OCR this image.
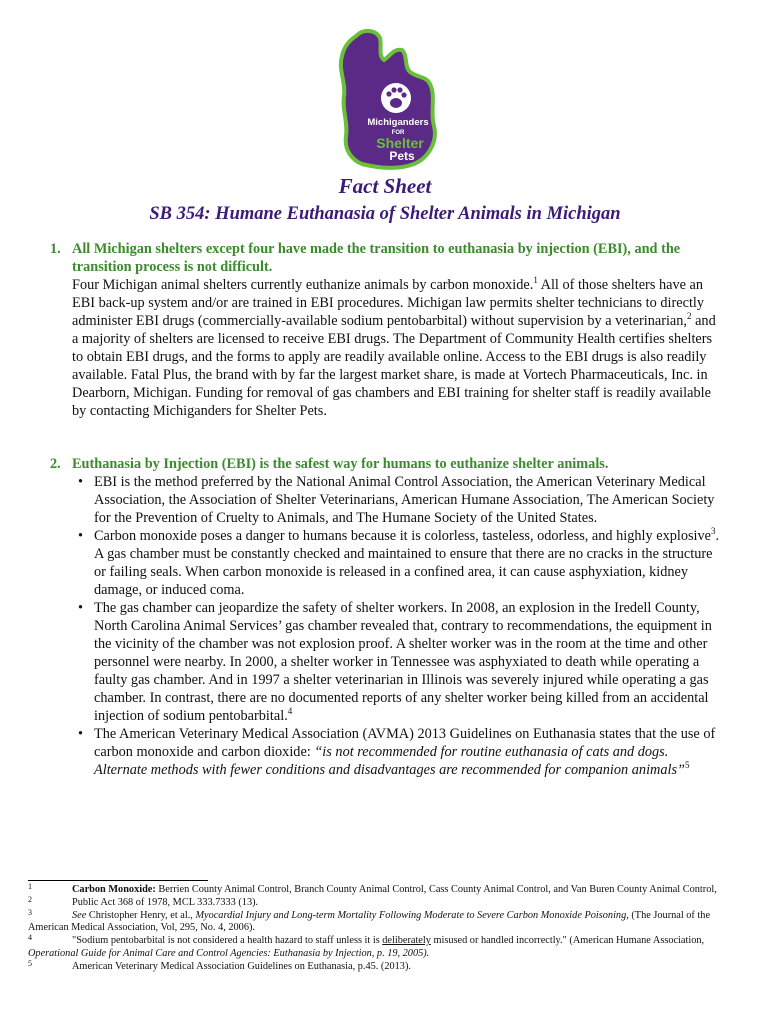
Michiganders
FOR
Shelter
Pets
Fact Sheet
SB 354: Humane Euthanasia of Shelter Animals in Michigan
1. All Michigan shelters except four have made the transition to euthanasia by injection (EBI), and the transition process is not difficult.
Four Michigan animal shelters currently euthanize animals by carbon monoxide.$^1$ All of those shelters have an EBI back-up system and/or are trained in EBI procedures. Michigan law permits shelter technicians to directly administer EBI drugs (commercially-available sodium pentobarbital) without supervision by a veterinarian,$^2$ and a majority of shelters are licensed to receive EBI drugs. The Department of Community Health certifies shelters to obtain EBI drugs, and the forms to apply are readily available online. Access to the EBI drugs is also readily available. Fatal Plus, the brand with by far the largest market share, is made at Vortech Pharmaceuticals, Inc. in Dearborn, Michigan. Funding for removal of gas chambers and EBI training for shelter staff is readily available by contacting Michiganders for Shelter Pets.
2. Euthanasia by Injection (EBI) is the safest way for humans to euthanize shelter animals.
• EBI is the method preferred by the National Animal Control Association, the American Veterinary Medical Association, the Association of Shelter Veterinarians, American Humane Association, The American Society for the Prevention of Cruelty to Animals, and The Humane Society of the United States.
• Carbon monoxide poses a danger to humans because it is colorless, tasteless, odorless, and highly explosive$^3$. A gas chamber must be constantly checked and maintained to ensure that there are no cracks in the structure or failing seals. When carbon monoxide is released in a confined area, it can cause asphyxiation, kidney damage, or induced coma.
• The gas chamber can jeopardize the safety of shelter workers. In 2008, an explosion in the Iredell County, North Carolina Animal Services’ gas chamber revealed that, contrary to recommendations, the equipment in the vicinity of the chamber was not explosion proof. A shelter worker was in the room at the time and other personnel were nearby. In 2000, a shelter worker in Tennessee was asphyxiated to death while operating a faulty gas chamber. And in 1997 a shelter veterinarian in Illinois was severely injured while operating a gas chamber. In contrast, there are no documented reports of any shelter worker being killed from an accidental injection of sodium pentobarbital.$^4$
• The American Veterinary Medical Association (AVMA) 2013 Guidelines on Euthanasia states that the use of carbon monoxide and carbon dioxide: “is not recommended for routine euthanasia of cats and dogs. Alternate methods with fewer conditions and disadvantages are recommended for companion animals”$^5$
1	Carbon Monoxide: Berrien County Animal Control, Branch County Animal Control, Cass County Animal Control, and Van Buren County Animal Control,
2	Public Act 368 of 1978, MCL 333.7333 (13).
3	See Christopher Henry, et al., Myocardial Injury and Long-term Mortality Following Moderate to Severe Carbon Monoxide Poisoning, (The Journal of the American Medical Association, Vol, 295, No. 4, 2006).
4	"Sodium pentobarbital is not considered a health hazard to staff unless it is deliberately misused or handled incorrectly." (American Humane Association, Operational Guide for Animal Care and Control Agencies: Euthanasia by Injection, p. 19, 2005).
5	American Veterinary Medical Association Guidelines on Euthanasia, p.45. (2013).
